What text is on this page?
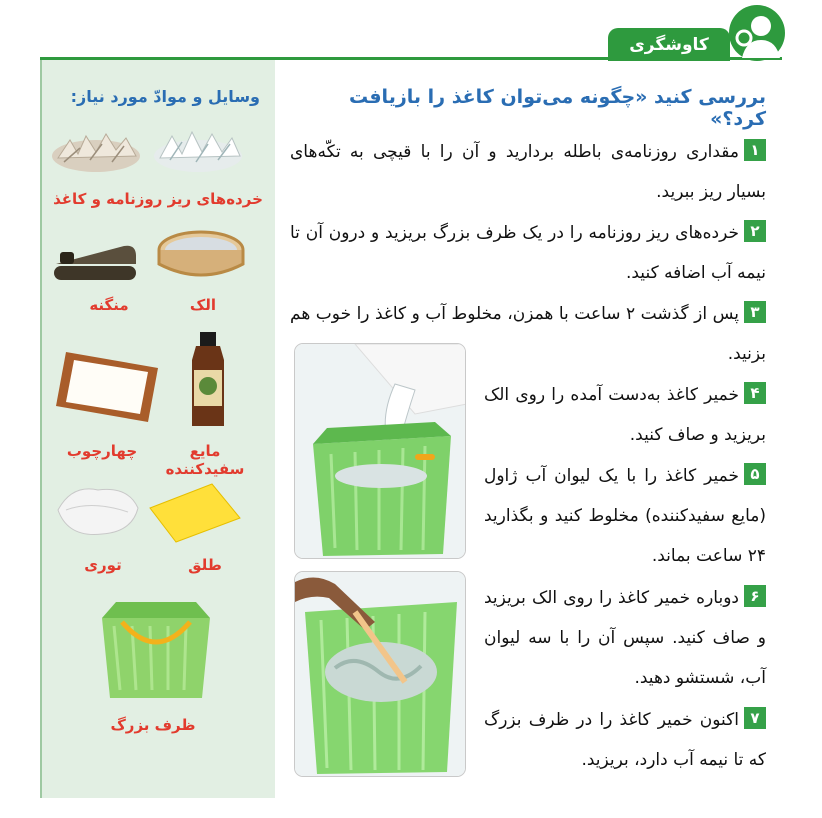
کاوشگری
وسایل و موادّ مورد نیاز:
خرده‌های ریز روزنامه و کاغذ
منگنه	الک
چهارچوب	مایع سفیدکننده
توری	طلق
ظرف بزرگ
بررسی کنید «چگونه می‌توان کاغذ را بازیافت کرد؟»
۱مقداری روزنامه‌ی باطله بردارید و آن را با قیچی به تکّه‌های بسیار ریز ببرید.
۲خرده‌های ریز روزنامه را در یک ظرف بزرگ بریزید و درون آن تا نیمه آب اضافه کنید.
۳پس از گذشت ۲ ساعت با همزن، مخلوط آب و کاغذ را خوب هم بزنید.
۴خمیر کاغذ به‌دست آمده را روی الک بریزید و صاف کنید.
۵خمیر کاغذ را با یک لیوان آب ژاول (مایع سفیدکننده) مخلوط کنید و بگذارید ۲۴ ساعت بماند.
۶دوباره خمیر کاغذ را روی الک بریزید و صاف کنید. سپس آن را با سه لیوان آب، شستشو دهید.
۷اکنون خمیر کاغذ را در ظرف بزرگ که تا نیمه آب دارد، بریزید.
